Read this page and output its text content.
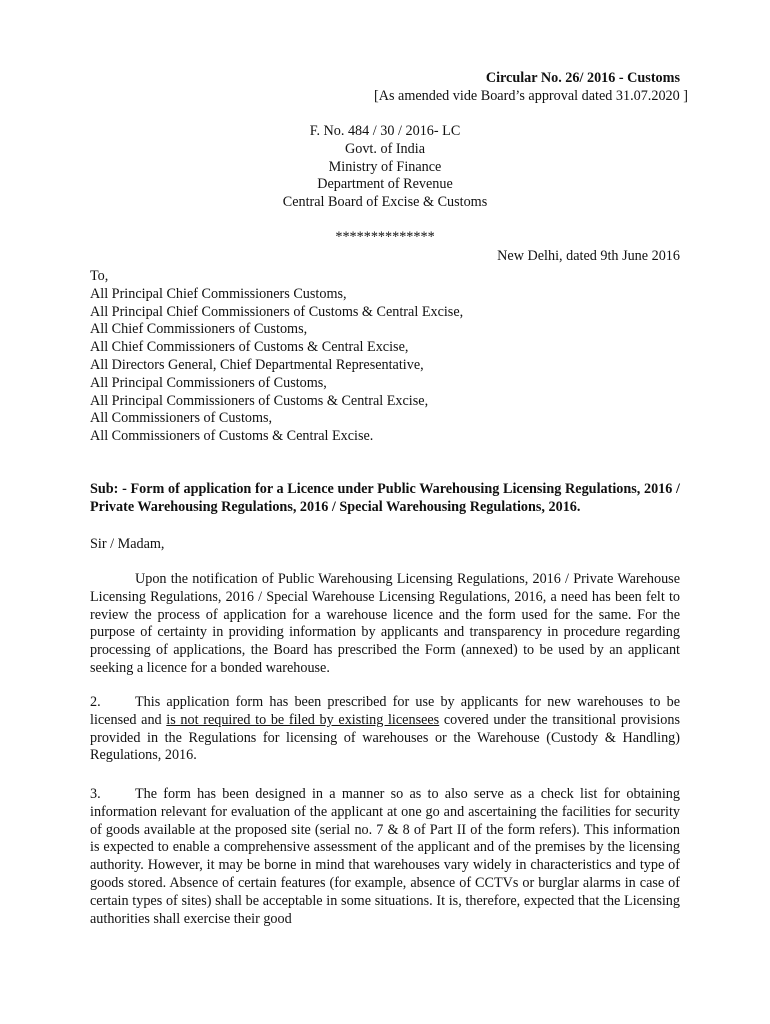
Circular No. 26/ 2016 - Customs
[As amended vide Board’s approval dated 31.07.2020 ]
F. No. 484 / 30 / 2016- LC
Govt. of India
Ministry of Finance
Department of Revenue
Central Board of Excise & Customs
**************
New Delhi, dated 9th June 2016
To,
All Principal Chief Commissioners Customs,
All Principal Chief Commissioners of Customs & Central Excise,
All Chief Commissioners of Customs,
All Chief Commissioners of Customs & Central Excise,
All Directors General, Chief Departmental Representative,
All Principal Commissioners of Customs,
All Principal Commissioners of Customs & Central Excise,
All Commissioners of Customs,
All Commissioners of Customs & Central Excise.

Sub: - Form of application for a Licence under Public Warehousing Licensing Regulations, 2016 / Private Warehousing Regulations, 2016 / Special Warehousing Regulations, 2016.

Sir / Madam,

Upon the notification of Public Warehousing Licensing Regulations, 2016 / Private Warehouse Licensing Regulations, 2016 / Special Warehouse Licensing Regulations, 2016, a need has been felt to review the process of application for a warehouse licence and the form used for the same. For the purpose of certainty in providing information by applicants and transparency in procedure regarding processing of applications, the Board has prescribed the Form (annexed) to be used by an applicant seeking a licence for a bonded warehouse.

2. This application form has been prescribed for use by applicants for new warehouses to be licensed and is not required to be filed by existing licensees covered under the transitional provisions provided in the Regulations for licensing of warehouses or the Warehouse (Custody & Handling) Regulations, 2016.

3. The form has been designed in a manner so as to also serve as a check list for obtaining information relevant for evaluation of the applicant at one go and ascertaining the facilities for security of goods available at the proposed site (serial no. 7 & 8 of Part II of the form refers). This information is expected to enable a comprehensive assessment of the applicant and of the premises by the licensing authority. However, it may be borne in mind that warehouses vary widely in characteristics and type of goods stored. Absence of certain features (for example, absence of CCTVs or burglar alarms in case of certain types of sites) shall be acceptable in some situations. It is, therefore, expected that the Licensing authorities shall exercise their good
